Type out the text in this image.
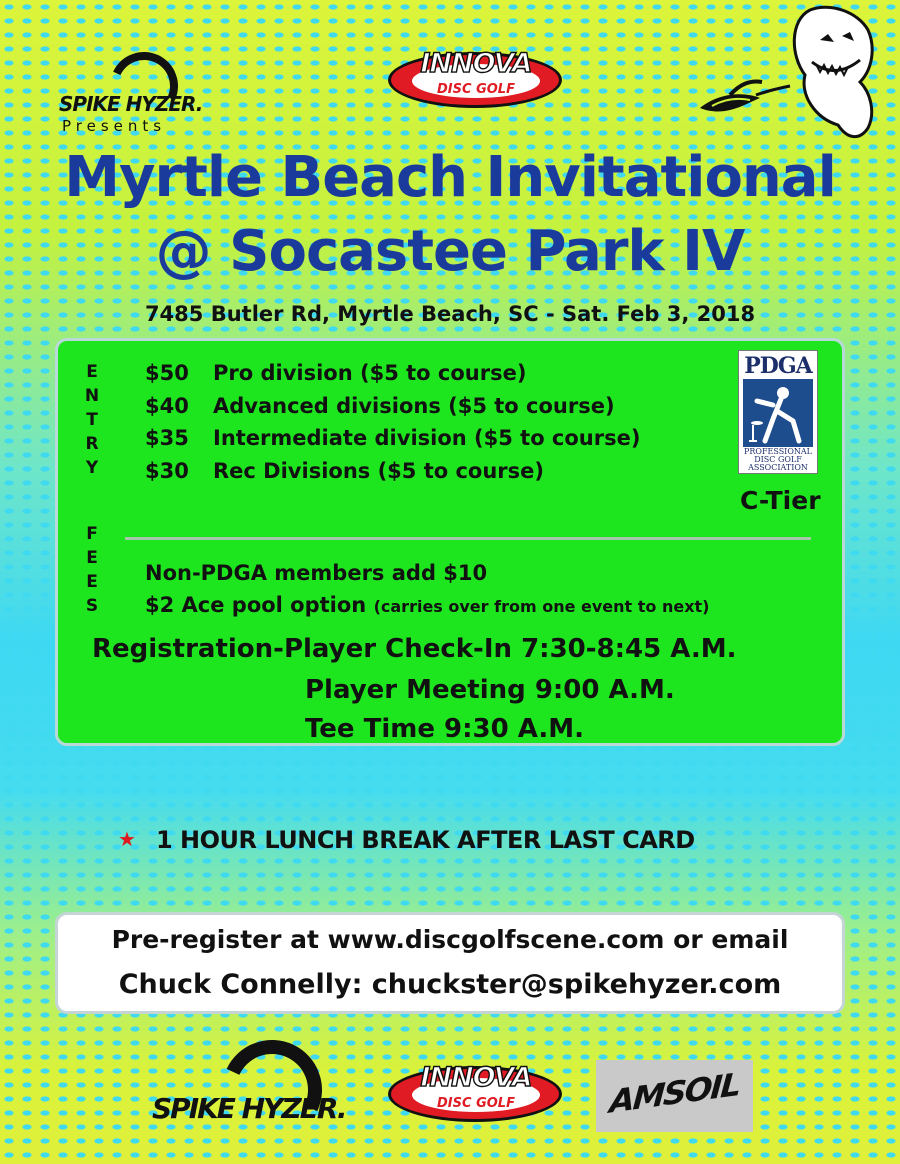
SPIKE HYZER.
Presents
INNOVA
DISC GOLF
Myrtle Beach Invitational
@ Socastee Park IV
7485 Butler Rd, Myrtle Beach, SC - Sat. Feb 3, 2018
E
N
T
R
Y
F
E
E
S
$50 Pro division ($5 to course)
$40 Advanced divisions ($5 to course)
$35 Intermediate division ($5 to course)
$30 Rec Divisions ($5 to course)
PDGA
PROFESSIONAL DISC GOLF ASSOCIATION
C-Tier
Non-PDGA members add $10
$2 Ace pool option (carries over from one event to next)
Registration-Player Check-In 7:30-8:45 A.M.
Player Meeting 9:00 A.M.
Tee Time 9:30 A.M.
★ 1 HOUR LUNCH BREAK AFTER LAST CARD
Pre-register at www.discgolfscene.com or email
Chuck Connelly: chuckster@spikehyzer.com
SPIKE HYZER.
INNOVA
DISC GOLF	AMSOIL
